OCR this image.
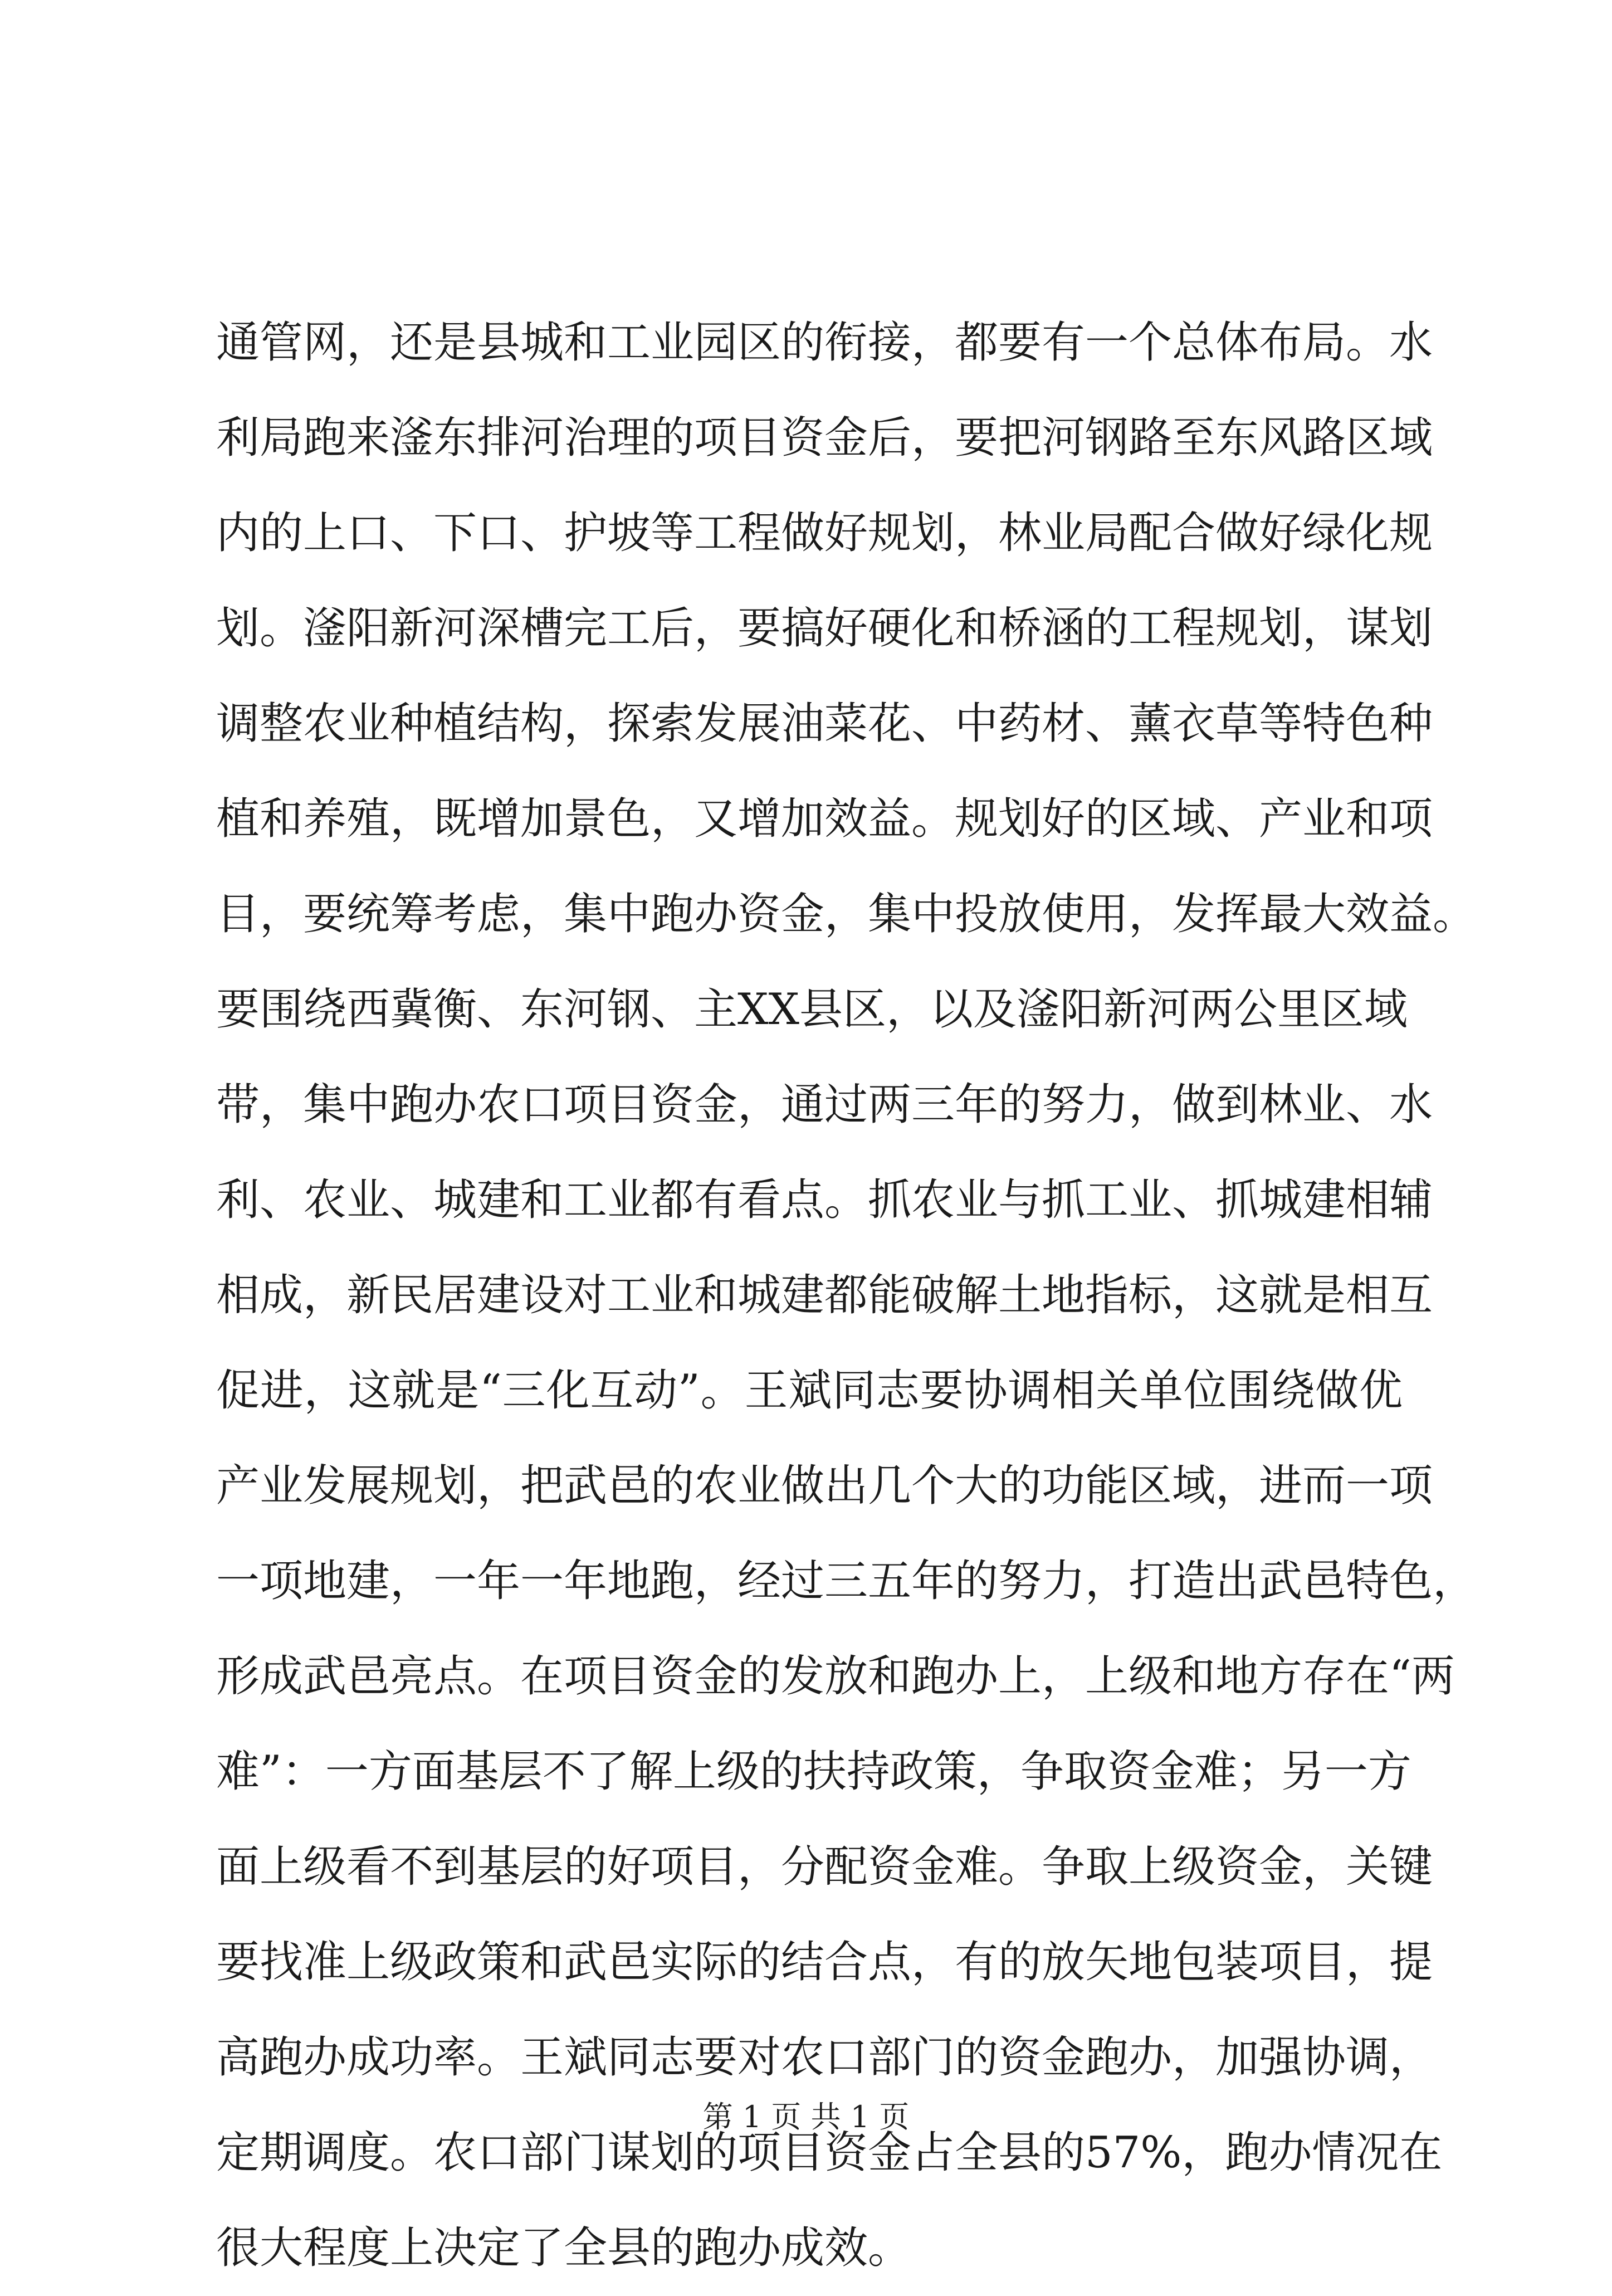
通管网，还是县城和工业园区的衔接，都要有一个总体布局。水
利局跑来滏东排河治理的项目资金后，要把河钢路至东风路区域
内的上口、下口、护坡等工程做好规划，林业局配合做好绿化规
划。滏阳新河深槽完工后，要搞好硬化和桥涵的工程规划，谋划
调整农业种植结构，探索发展油菜花、中药材、薰衣草等特色种
植和养殖，既增加景色，又增加效益。规划好的区域、产业和项
目，要统筹考虑，集中跑办资金，集中投放使用，发挥最大效益。
要围绕西冀衡、东河钢、主XX县区，以及滏阳新河两公里区域
带，集中跑办农口项目资金，通过两三年的努力，做到林业、水
利、农业、城建和工业都有看点。抓农业与抓工业、抓城建相辅
相成，新民居建设对工业和城建都能破解土地指标，这就是相互
促进，这就是“三化互动”。王斌同志要协调相关单位围绕做优
产业发展规划，把武邑的农业做出几个大的功能区域，进而一项
一项地建，一年一年地跑，经过三五年的努力，打造出武邑特色，
形成武邑亮点。在项目资金的发放和跑办上，上级和地方存在“两
难”：一方面基层不了解上级的扶持政策，争取资金难；另一方
面上级看不到基层的好项目，分配资金难。争取上级资金，关键
要找准上级政策和武邑实际的结合点，有的放矢地包装项目，提
高跑办成功率。王斌同志要对农口部门的资金跑办，加强协调，
定期调度。农口部门谋划的项目资金占全县的57%，跑办情况在
很大程度上决定了全县的跑办成效。
第 1 页 共 1 页
